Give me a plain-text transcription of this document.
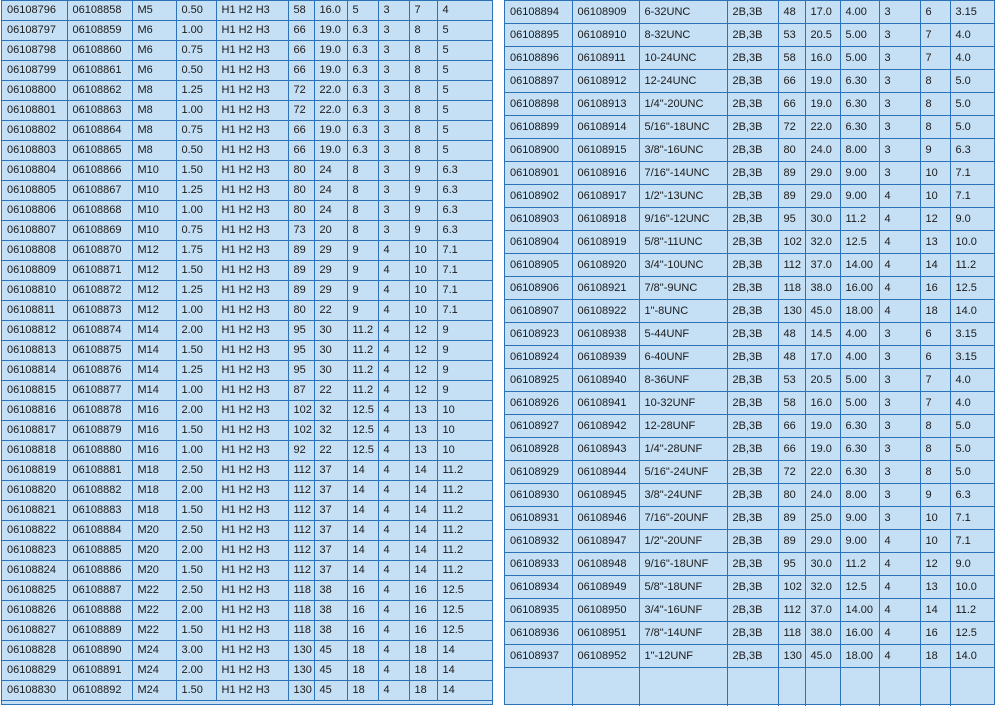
06108796	06108858	M5	0.50	H1 H2 H3	58	16.0	5	3	7	4
06108797	06108859	M6	1.00	H1 H2 H3	66	19.0	6.3	3	8	5
06108798	06108860	M6	0.75	H1 H2 H3	66	19.0	6.3	3	8	5
06108799	06108861	M6	0.50	H1 H2 H3	66	19.0	6.3	3	8	5
06108800	06108862	M8	1.25	H1 H2 H3	72	22.0	6.3	3	8	5
06108801	06108863	M8	1.00	H1 H2 H3	72	22.0	6.3	3	8	5
06108802	06108864	M8	0.75	H1 H2 H3	66	19.0	6.3	3	8	5
06108803	06108865	M8	0.50	H1 H2 H3	66	19.0	6.3	3	8	5
06108804	06108866	M10	1.50	H1 H2 H3	80	24	8	3	9	6.3
06108805	06108867	M10	1.25	H1 H2 H3	80	24	8	3	9	6.3
06108806	06108868	M10	1.00	H1 H2 H3	80	24	8	3	9	6.3
06108807	06108869	M10	0.75	H1 H2 H3	73	20	8	3	9	6.3
06108808	06108870	M12	1.75	H1 H2 H3	89	29	9	4	10	7.1
06108809	06108871	M12	1.50	H1 H2 H3	89	29	9	4	10	7.1
06108810	06108872	M12	1.25	H1 H2 H3	89	29	9	4	10	7.1
06108811	06108873	M12	1.00	H1 H2 H3	80	22	9	4	10	7.1
06108812	06108874	M14	2.00	H1 H2 H3	95	30	11.2	4	12	9
06108813	06108875	M14	1.50	H1 H2 H3	95	30	11.2	4	12	9
06108814	06108876	M14	1.25	H1 H2 H3	95	30	11.2	4	12	9
06108815	06108877	M14	1.00	H1 H2 H3	87	22	11.2	4	12	9
06108816	06108878	M16	2.00	H1 H2 H3	102	32	12.5	4	13	10
06108817	06108879	M16	1.50	H1 H2 H3	102	32	12.5	4	13	10
06108818	06108880	M16	1.00	H1 H2 H3	92	22	12.5	4	13	10
06108819	06108881	M18	2.50	H1 H2 H3	112	37	14	4	14	11.2
06108820	06108882	M18	2.00	H1 H2 H3	112	37	14	4	14	11.2
06108821	06108883	M18	1.50	H1 H2 H3	112	37	14	4	14	11.2
06108822	06108884	M20	2.50	H1 H2 H3	112	37	14	4	14	11.2
06108823	06108885	M20	2.00	H1 H2 H3	112	37	14	4	14	11.2
06108824	06108886	M20	1.50	H1 H2 H3	112	37	14	4	14	11.2
06108825	06108887	M22	2.50	H1 H2 H3	118	38	16	4	16	12.5
06108826	06108888	M22	2.00	H1 H2 H3	118	38	16	4	16	12.5
06108827	06108889	M22	1.50	H1 H2 H3	118	38	16	4	16	12.5
06108828	06108890	M24	3.00	H1 H2 H3	130	45	18	4	18	14
06108829	06108891	M24	2.00	H1 H2 H3	130	45	18	4	18	14
06108830	06108892	M24	1.50	H1 H2 H3	130	45	18	4	18	14
06108894	06108909	6-32UNC	2B,3B	48	17.0	4.00	3	6	3.15
06108895	06108910	8-32UNC	2B,3B	53	20.5	5.00	3	7	4.0
06108896	06108911	10-24UNC	2B,3B	58	16.0	5.00	3	7	4.0
06108897	06108912	12-24UNC	2B,3B	66	19.0	6.30	3	8	5.0
06108898	06108913	1/4"-20UNC	2B,3B	66	19.0	6.30	3	8	5.0
06108899	06108914	5/16"-18UNC	2B,3B	72	22.0	6.30	3	8	5.0
06108900	06108915	3/8"-16UNC	2B,3B	80	24.0	8.00	3	9	6.3
06108901	06108916	7/16"-14UNC	2B,3B	89	29.0	9.00	3	10	7.1
06108902	06108917	1/2"-13UNC	2B,3B	89	29.0	9.00	4	10	7.1
06108903	06108918	9/16"-12UNC	2B,3B	95	30.0	11.2	4	12	9.0
06108904	06108919	5/8"-11UNC	2B,3B	102	32.0	12.5	4	13	10.0
06108905	06108920	3/4"-10UNC	2B,3B	112	37.0	14.00	4	14	11.2
06108906	06108921	7/8"-9UNC	2B,3B	118	38.0	16.00	4	16	12.5
06108907	06108922	1"-8UNC	2B,3B	130	45.0	18.00	4	18	14.0
06108923	06108938	5-44UNF	2B,3B	48	14.5	4.00	3	6	3.15
06108924	06108939	6-40UNF	2B,3B	48	17.0	4.00	3	6	3.15
06108925	06108940	8-36UNF	2B,3B	53	20.5	5.00	3	7	4.0
06108926	06108941	10-32UNF	2B,3B	58	16.0	5.00	3	7	4.0
06108927	06108942	12-28UNF	2B,3B	66	19.0	6.30	3	8	5.0
06108928	06108943	1/4"-28UNF	2B,3B	66	19.0	6.30	3	8	5.0
06108929	06108944	5/16"-24UNF	2B,3B	72	22.0	6.30	3	8	5.0
06108930	06108945	3/8"-24UNF	2B,3B	80	24.0	8.00	3	9	6.3
06108931	06108946	7/16"-20UNF	2B,3B	89	25.0	9.00	3	10	7.1
06108932	06108947	1/2"-20UNF	2B,3B	89	29.0	9.00	4	10	7.1
06108933	06108948	9/16"-18UNF	2B,3B	95	30.0	11.2	4	12	9.0
06108934	06108949	5/8"-18UNF	2B,3B	102	32.0	12.5	4	13	10.0
06108935	06108950	3/4"-16UNF	2B,3B	112	37.0	14.00	4	14	11.2
06108936	06108951	7/8"-14UNF	2B,3B	118	38.0	16.00	4	16	12.5
06108937	06108952	1"-12UNF	2B,3B	130	45.0	18.00	4	18	14.0
